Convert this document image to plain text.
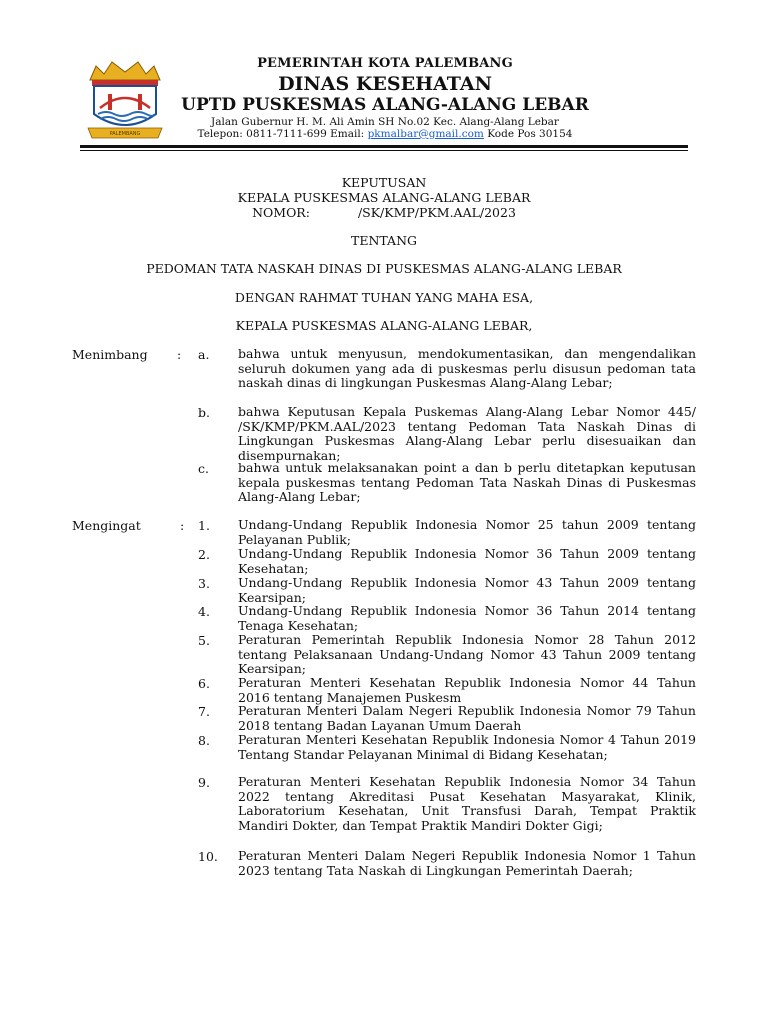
PALEMBANG
PEMERINTAH KOTA PALEMBANG
DINAS KESEHATAN
UPTD PUSKESMAS ALANG-ALANG LEBAR
Jalan Gubernur H. M. Ali Amin SH No.02 Kec. Alang-Alang Lebar
Telepon: 0811-7111-699 Email: pkmalbar@gmail.com Kode Pos 30154
KEPUTUSAN
KEPALA PUSKESMAS ALANG-ALANG LEBAR
NOMOR:	/SK/KMP/PKM.AAL/2023
TENTANG
PEDOMAN TATA NASKAH DINAS DI PUSKESMAS ALANG-ALANG LEBAR
DENGAN RAHMAT TUHAN YANG MAHA ESA,
KEPALA PUSKESMAS ALANG-ALANG LEBAR,
Menimbang : a. bahwa untuk menyusun, mendokumentasikan, dan mengendalikan seluruh dokumen yang ada di puskesmas perlu disusun pedoman tata naskah dinas di lingkungan Puskesmas Alang-Alang Lebar;
b. bahwa Keputusan Kepala Puskemas Alang-Alang Lebar Nomor 445/ /SK/KMP/PKM.AAL/2023 tentang Pedoman Tata Naskah Dinas di Lingkungan Puskesmas Alang-Alang Lebar perlu disesuaikan dan disempurnakan;
c. bahwa untuk melaksanakan point a dan b perlu ditetapkan keputusan kepala puskesmas tentang Pedoman Tata Naskah Dinas di Puskesmas Alang-Alang Lebar;
Mengingat	: 1. Undang-Undang Republik Indonesia Nomor 25 tahun 2009 tentang Pelayanan Publik;
2. Undang-Undang Republik Indonesia Nomor 36 Tahun 2009 tentang Kesehatan;
3. Undang-Undang Republik Indonesia Nomor 43 Tahun 2009 tentang Kearsipan;
4. Undang-Undang Republik Indonesia Nomor 36 Tahun 2014 tentang Tenaga Kesehatan;
5. Peraturan Pemerintah Republik Indonesia Nomor 28 Tahun 2012 tentang Pelaksanaan Undang-Undang Nomor 43 Tahun 2009 tentang Kearsipan;
6. Peraturan Menteri Kesehatan Republik Indonesia Nomor 44 Tahun 2016 tentang Manajemen Puskesm
7. Peraturan Menteri Dalam Negeri Republik Indonesia Nomor 79 Tahun 2018 tentang Badan Layanan Umum Daerah
8. Peraturan Menteri Kesehatan Republik Indonesia Nomor 4 Tahun 2019 Tentang Standar Pelayanan Minimal di Bidang Kesehatan;
9. Peraturan Menteri Kesehatan Republik Indonesia Nomor 34 Tahun 2022 tentang Akreditasi Pusat Kesehatan Masyarakat, Klinik, Laboratorium Kesehatan, Unit Transfusi Darah, Tempat Praktik Mandiri Dokter, dan Tempat Praktik Mandiri Dokter Gigi;
10. Peraturan Menteri Dalam Negeri Republik Indonesia Nomor 1 Tahun 2023 tentang Tata Naskah di Lingkungan Pemerintah Daerah;
